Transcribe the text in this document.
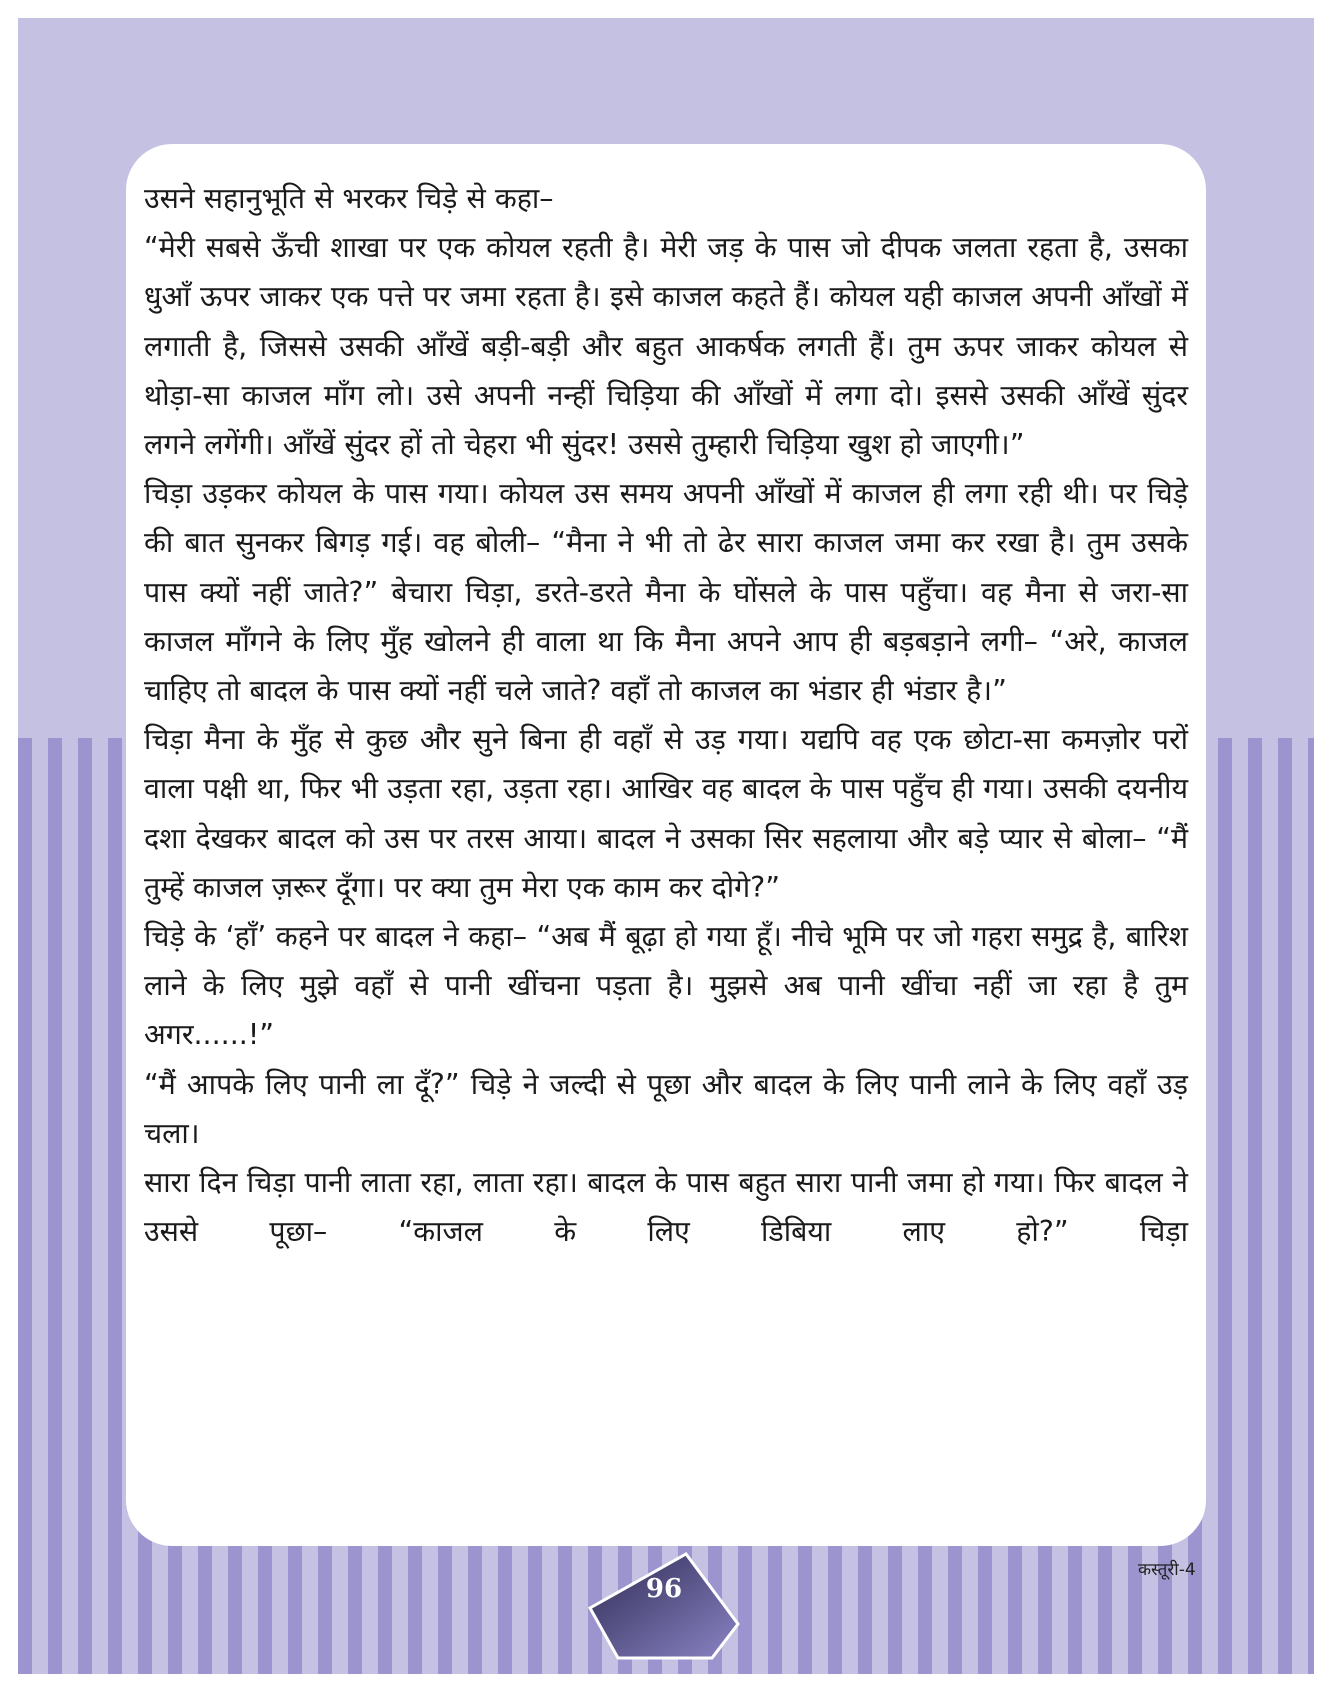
उसने सहानुभूति से भरकर चिड़े से कहा–

“मेरी सबसे ऊँची शाखा पर एक कोयल रहती है। मेरी जड़ के पास जो दीपक जलता रहता है, उसका धुआँ ऊपर जाकर एक पत्ते पर जमा रहता है। इसे काजल कहते हैं। कोयल यही काजल अपनी आँखों में लगाती है, जिससे उसकी आँखें बड़ी-बड़ी और बहुत आकर्षक लगती हैं। तुम ऊपर जाकर कोयल से थोड़ा-सा काजल माँग लो। उसे अपनी नन्हीं चिड़िया की आँखों में लगा दो। इससे उसकी आँखें सुंदर लगने लगेंगी। आँखें सुंदर हों तो चेहरा भी सुंदर! उससे तुम्हारी चिड़िया खुश हो जाएगी।”

चिड़ा उड़कर कोयल के पास गया। कोयल उस समय अपनी आँखों में काजल ही लगा रही थी। पर चिड़े की बात सुनकर बिगड़ गई। वह बोली– “मैना ने भी तो ढेर सारा काजल जमा कर रखा है। तुम उसके पास क्यों नहीं जाते?” बेचारा चिड़ा, डरते-डरते मैना के घोंसले के पास पहुँचा। वह मैना से जरा-सा काजल माँगने के लिए मुँह खोलने ही वाला था कि मैना अपने आप ही बड़बड़ाने लगी– “अरे, काजल चाहिए तो बादल के पास क्यों नहीं चले जाते? वहाँ तो काजल का भंडार ही भंडार है।”

चिड़ा मैना के मुँह से कुछ और सुने बिना ही वहाँ से उड़ गया। यद्यपि वह एक छोटा-सा कमज़ोर परों वाला पक्षी था, फिर भी उड़ता रहा, उड़ता रहा। आखिर वह बादल के पास पहुँच ही गया। उसकी दयनीय दशा देखकर बादल को उस पर तरस आया। बादल ने उसका सिर सहलाया और बड़े प्यार से बोला– “मैं तुम्हें काजल ज़रूर दूँगा। पर क्या तुम मेरा एक काम कर दोगे?”

चिड़े के ‘हाँ’ कहने पर बादल ने कहा– “अब मैं बूढ़ा हो गया हूँ। नीचे भूमि पर जो गहरा समुद्र है, बारिश लाने के लिए मुझे वहाँ से पानी खींचना पड़ता है। मुझसे अब पानी खींचा नहीं जा रहा है तुम अगर......!”

“मैं आपके लिए पानी ला दूँ?” चिड़े ने जल्दी से पूछा और बादल के लिए पानी लाने के लिए वहाँ उड़ चला।

सारा दिन चिड़ा पानी लाता रहा, लाता रहा। बादल के पास बहुत सारा पानी जमा हो गया। फिर बादल ने उससे पूछा– “काजल के लिए डिबिया लाए हो?” चिड़ा

96
कस्तूरी-4
